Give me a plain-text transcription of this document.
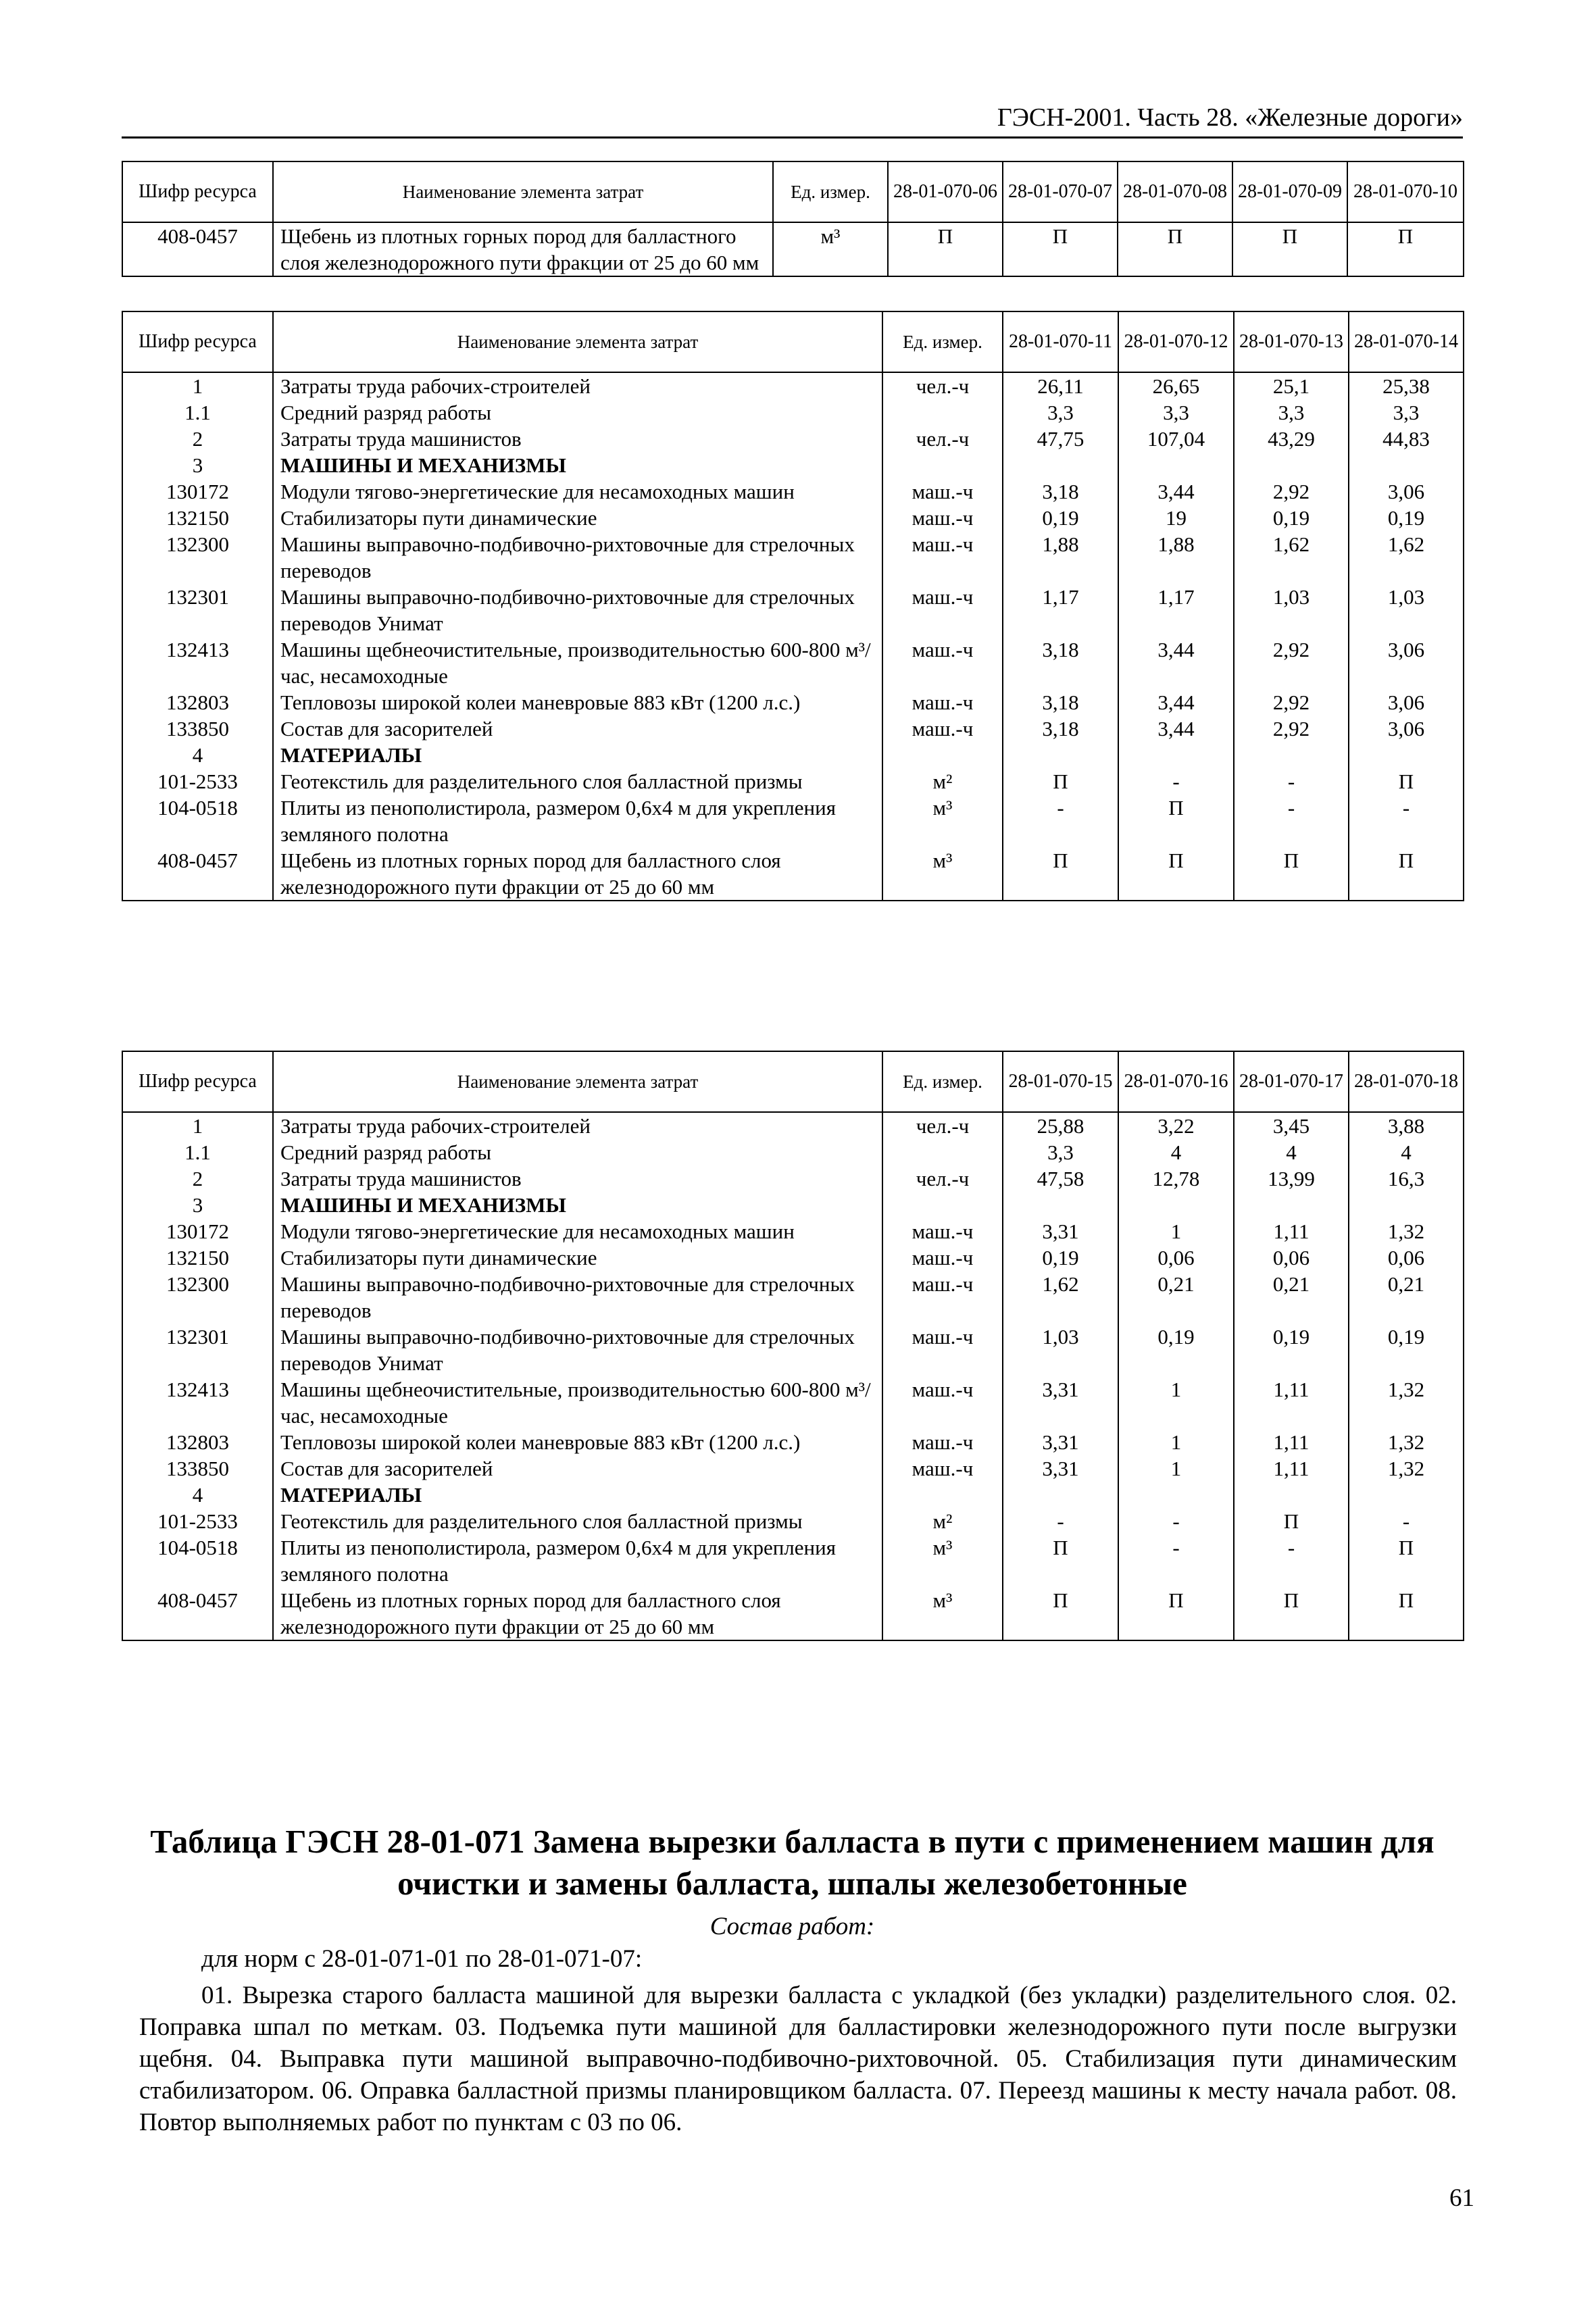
ГЭСН-2001. Часть 28. «Железные дороги»
Шифр ресурса	Наименование элемента затрат	Ед. измер.	28-01-070-06	28-01-070-07	28-01-070-08	28-01-070-09	28-01-070-10
408-0457	Щебень из плотных горных пород для балластного слоя железнодорожного пути фракции от 25 до 60 мм	м³	П	П	П	П	П
Шифр ресурса	Наименование элемента затрат	Ед. измер.	28-01-070-11	28-01-070-12	28-01-070-13	28-01-070-14
1	Затраты труда рабочих-строителей	чел.-ч	26,11	26,65	25,1	25,38
1.1	Средний разряд работы		3,3	3,3	3,3	3,3
2	Затраты труда машинистов	чел.-ч	47,75	107,04	43,29	44,83
3	МАШИНЫ И МЕХАНИЗМЫ					
130172	Модули тягово-энергетические для несамоходных машин	маш.-ч	3,18	3,44	2,92	3,06
132150	Стабилизаторы пути динамические	маш.-ч	0,19	19	0,19	0,19
132300	Машины выправочно-подбивочно-рихтовочные для стрелочных переводов	маш.-ч	1,88	1,88	1,62	1,62
132301	Машины выправочно-подбивочно-рихтовочные для стрелочных переводов Унимат	маш.-ч	1,17	1,17	1,03	1,03
132413	Машины щебнеочистительные, производительностью 600-800 м³/час, несамоходные	маш.-ч	3,18	3,44	2,92	3,06
132803	Тепловозы широкой колеи маневровые 883 кВт (1200 л.с.)	маш.-ч	3,18	3,44	2,92	3,06
133850	Состав для засорителей	маш.-ч	3,18	3,44	2,92	3,06
4	МАТЕРИАЛЫ					
101-2533	Геотекстиль для разделительного слоя балластной призмы	м²	П	-	-	П
104-0518	Плиты из пенополистирола, размером 0,6х4 м для укрепления земляного полотна	м³	-	П	-	-
408-0457	Щебень из плотных горных пород для балластного слоя железнодорожного пути фракции от 25 до 60 мм	м³	П	П	П	П
Шифр ресурса	Наименование элемента затрат	Ед. измер.	28-01-070-15	28-01-070-16	28-01-070-17	28-01-070-18
1	Затраты труда рабочих-строителей	чел.-ч	25,88	3,22	3,45	3,88
1.1	Средний разряд работы		3,3	4	4	4
2	Затраты труда машинистов	чел.-ч	47,58	12,78	13,99	16,3
3	МАШИНЫ И МЕХАНИЗМЫ					
130172	Модули тягово-энергетические для несамоходных машин	маш.-ч	3,31	1	1,11	1,32
132150	Стабилизаторы пути динамические	маш.-ч	0,19	0,06	0,06	0,06
132300	Машины выправочно-подбивочно-рихтовочные для стрелочных переводов	маш.-ч	1,62	0,21	0,21	0,21
132301	Машины выправочно-подбивочно-рихтовочные для стрелочных переводов Унимат	маш.-ч	1,03	0,19	0,19	0,19
132413	Машины щебнеочистительные, производительностью 600-800 м³/час, несамоходные	маш.-ч	3,31	1	1,11	1,32
132803	Тепловозы широкой колеи маневровые 883 кВт (1200 л.с.)	маш.-ч	3,31	1	1,11	1,32
133850	Состав для засорителей	маш.-ч	3,31	1	1,11	1,32
4	МАТЕРИАЛЫ					
101-2533	Геотекстиль для разделительного слоя балластной призмы	м²	-	-	П	-
104-0518	Плиты из пенополистирола, размером 0,6х4 м для укрепления земляного полотна	м³	П	-	-	П
408-0457	Щебень из плотных горных пород для балластного слоя железнодорожного пути фракции от 25 до 60 мм	м³	П	П	П	П
Таблица ГЭСН 28-01-071 Замена вырезки балласта в пути с применением машин для
очистки и замены балласта, шпалы железобетонные
Состав работ:
для норм с 28-01-071-01 по 28-01-071-07:
01. Вырезка старого балласта машиной для вырезки балласта с укладкой (без укладки) разделительного слоя. 02. Поправка шпал по меткам. 03. Подъемка пути машиной для балластировки железнодорожного пути после выгрузки щебня. 04. Выправка пути машиной выправочно-подбивочно-рихтовочной. 05. Стабилизация пути динамическим стабилизатором. 06. Оправка балластной призмы планировщиком балласта. 07. Переезд машины к месту начала работ. 08. Повтор выполняемых работ по пунктам с 03 по 06.
61
